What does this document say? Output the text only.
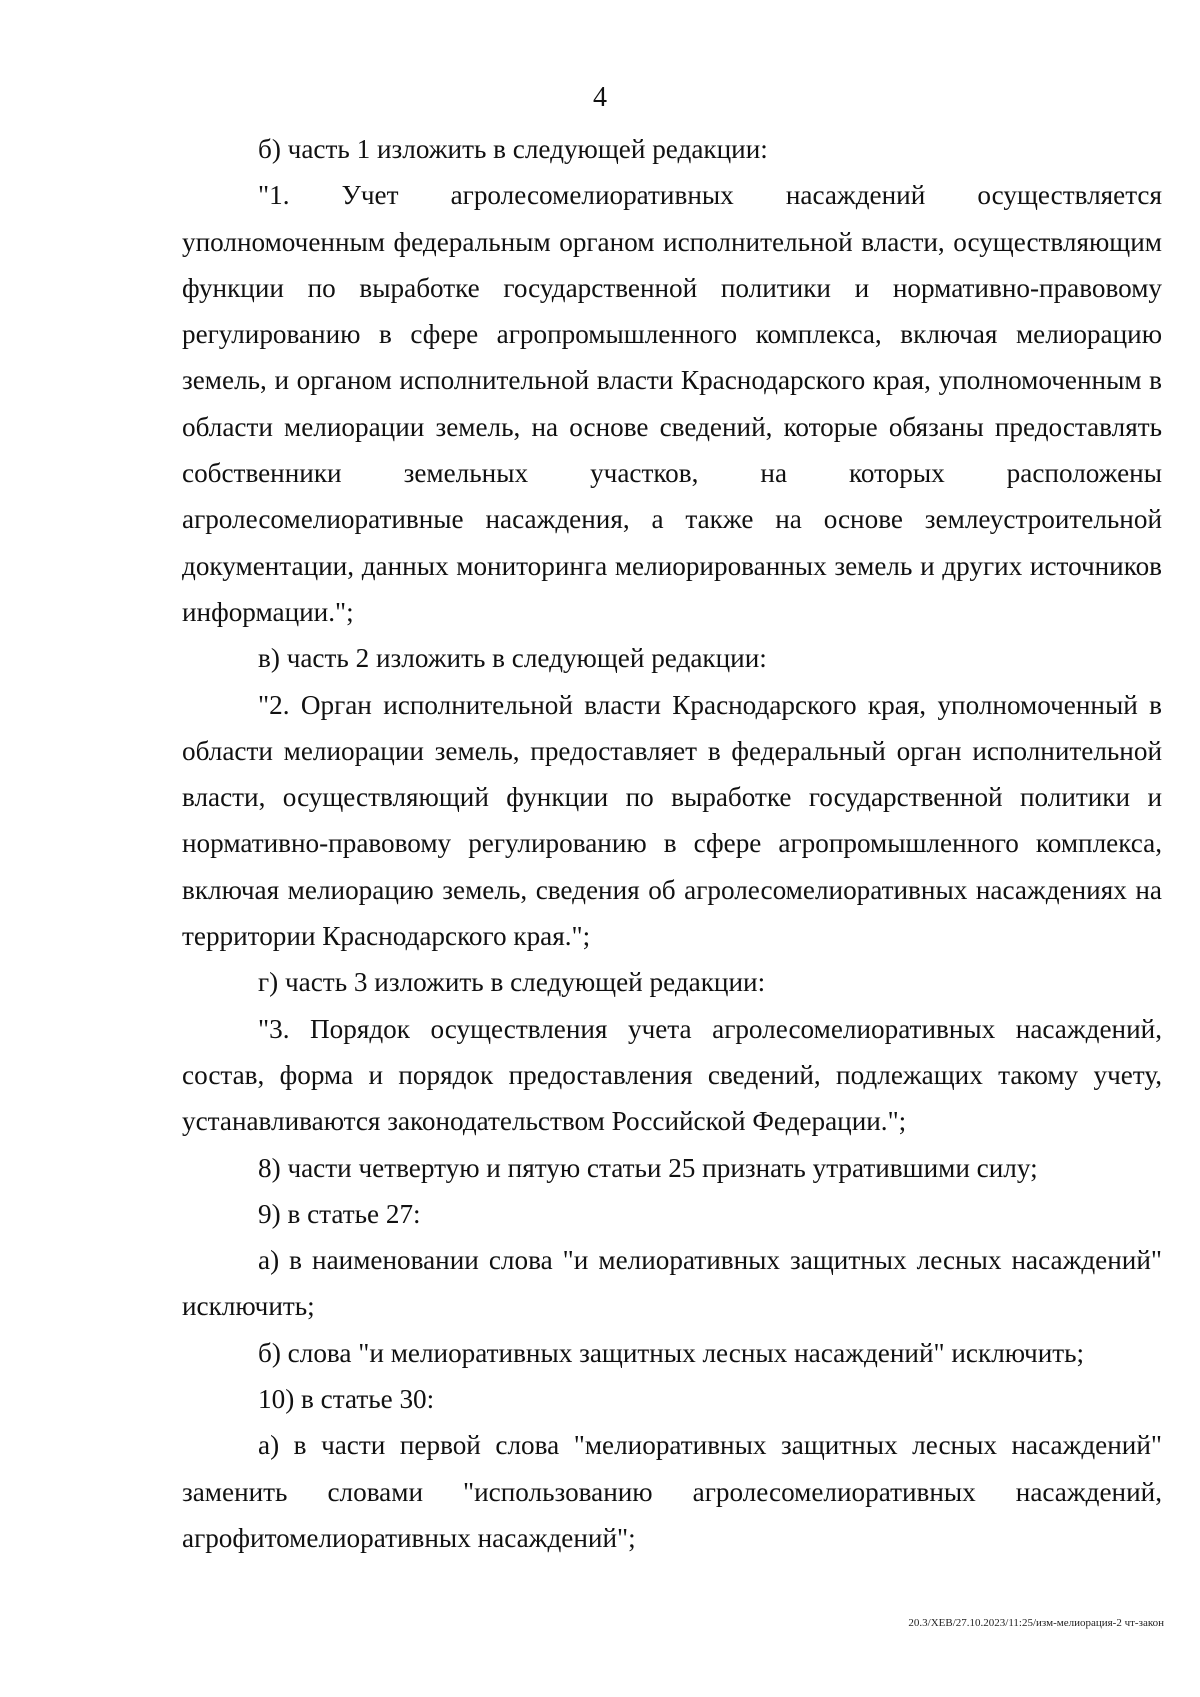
4

б) часть 1 изложить в следующей редакции:

"1. Учет агролесомелиоративных насаждений осуществляется уполномоченным федеральным органом исполнительной власти, осуществляющим функции по выработке государственной политики и нормативно-правовому регулированию в сфере агропромышленного комплекса, включая мелиорацию земель, и органом исполнительной власти Краснодарского края, уполномоченным в области мелиорации земель, на основе сведений, которые обязаны предоставлять собственники земельных участков, на которых расположены агролесомелиоративные насаждения, а также на основе землеустроительной документации, данных мониторинга мелиорированных земель и других источников информации.";

в) часть 2 изложить в следующей редакции:

"2. Орган исполнительной власти Краснодарского края, уполномоченный в области мелиорации земель, предоставляет в федеральный орган исполнительной власти, осуществляющий функции по выработке государственной политики и нормативно-правовому регулированию в сфере агропромышленного комплекса, включая мелиорацию земель, сведения об агролесомелиоративных насаждениях на территории Краснодарского края.";

г) часть 3 изложить в следующей редакции:

"3. Порядок осуществления учета агролесомелиоративных насаждений, состав, форма и порядок предоставления сведений, подлежащих такому учету, устанавливаются законодательством Российской Федерации.";

8) части четвертую и пятую статьи 25 признать утратившими силу;

9) в статье 27:

а) в наименовании слова "и мелиоративных защитных лесных насаждений" исключить;

б) слова "и мелиоративных защитных лесных насаждений" исключить;

10) в статье 30:

а) в части первой слова "мелиоративных защитных лесных насаждений" заменить словами "использованию агролесомелиоративных насаждений, агрофитомелиоративных насаждений";

20.3/ХЕВ/27.10.2023/11:25/изм-мелиорация-2 чт-закон
